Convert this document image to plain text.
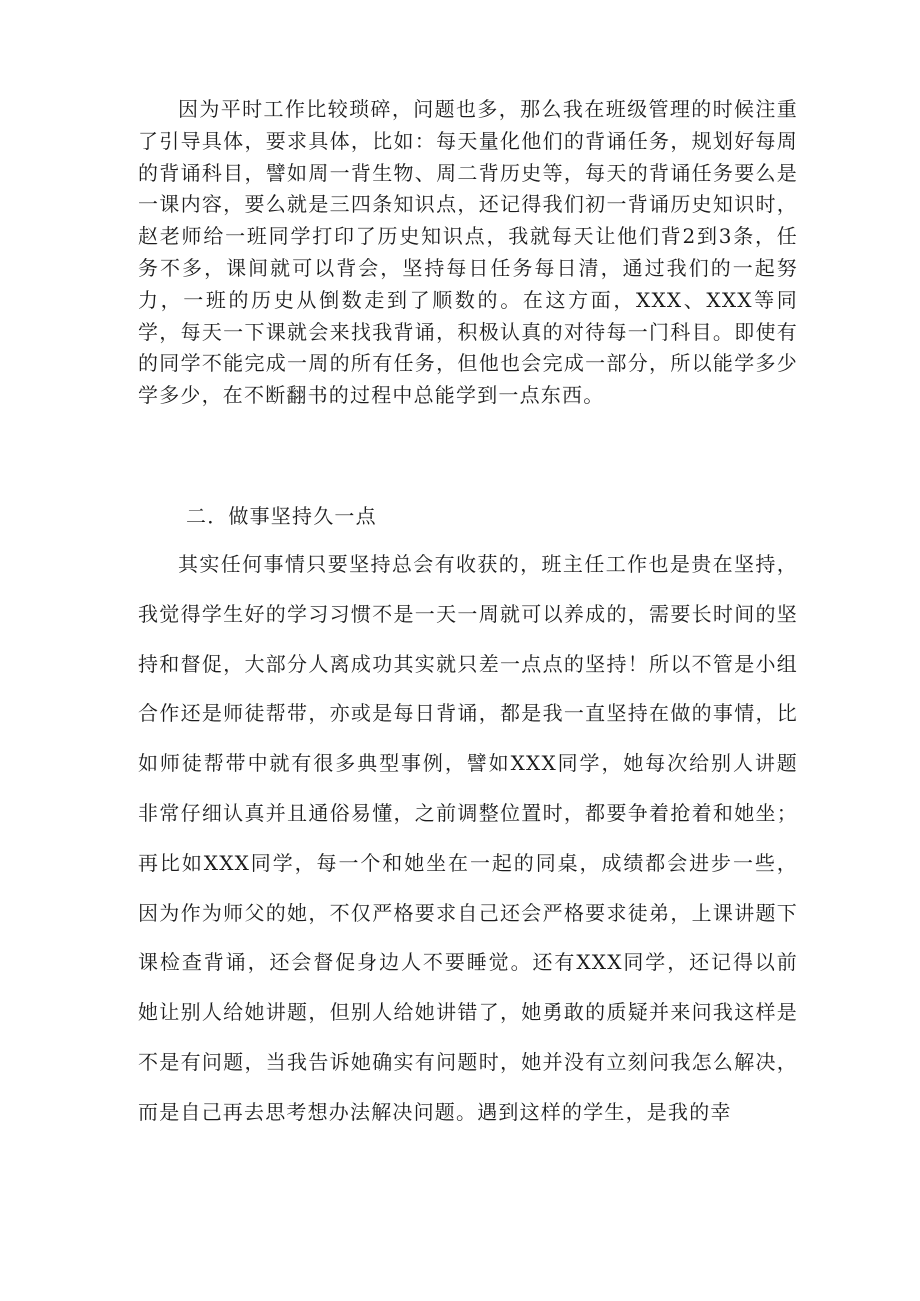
因为平时工作比较琐碎，问题也多，那么我在班级管理的时候注重了引导具体，要求具体，比如：每天量化他们的背诵任务，规划好每周的背诵科目，譬如周一背生物、周二背历史等，每天的背诵任务要么是一课内容，要么就是三四条知识点，还记得我们初一背诵历史知识时，赵老师给一班同学打印了历史知识点，我就每天让他们背2到3条，任务不多，课间就可以背会，坚持每日任务每日清，通过我们的一起努力，一班的历史从倒数走到了顺数的。在这方面，XXX、XXX等同学，每天一下课就会来找我背诵，积极认真的对待每一门科目。即使有的同学不能完成一周的所有任务，但他也会完成一部分，所以能学多少学多少，在不断翻书的过程中总能学到一点东西。

二．做事坚持久一点

其实任何事情只要坚持总会有收获的，班主任工作也是贵在坚持，我觉得学生好的学习习惯不是一天一周就可以养成的，需要长时间的坚持和督促，大部分人离成功其实就只差一点点的坚持！所以不管是小组合作还是师徒帮带，亦或是每日背诵，都是我一直坚持在做的事情，比如师徒帮带中就有很多典型事例，譬如XXX同学，她每次给别人讲题非常仔细认真并且通俗易懂，之前调整位置时，都要争着抢着和她坐；再比如XXX同学，每一个和她坐在一起的同桌，成绩都会进步一些，因为作为师父的她，不仅严格要求自己还会严格要求徒弟，上课讲题下课检查背诵，还会督促身边人不要睡觉。还有XXX同学，还记得以前她让别人给她讲题，但别人给她讲错了，她勇敢的质疑并来问我这样是不是有问题，当我告诉她确实有问题时，她并没有立刻问我怎么解决，而是自己再去思考想办法解决问题。遇到这样的学生，是我的幸
